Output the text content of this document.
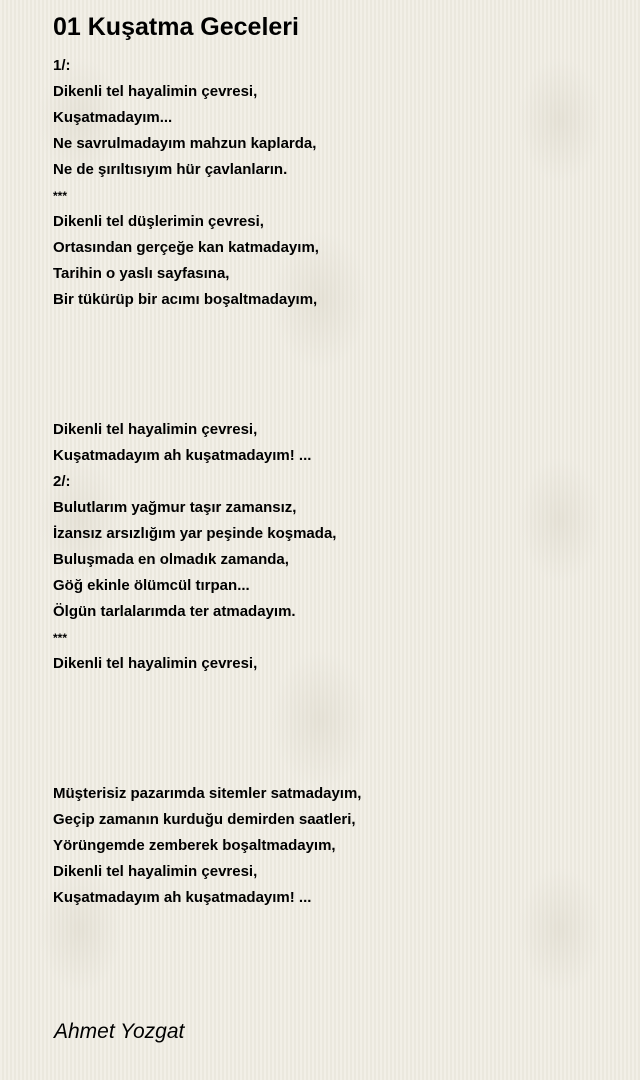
01 Kuşatma Geceleri
1/:
Dikenli tel hayalimin çevresi,
Kuşatmadayım...
Ne savrulmadayım mahzun kaplarda,
Ne de şırıltısıyım hür çavlanların.
***
Dikenli tel düşlerimin çevresi,
Ortasından gerçeğe kan katmadayım,
Tarihin o yaslı sayfasına,
Bir tükürüp bir acımı boşaltmadayım,
Dikenli tel hayalimin çevresi,
Kuşatmadayım ah kuşatmadayım! ...
2/:
Bulutlarım yağmur taşır zamansız,
İzansız arsızlığım yar peşinde koşmada,
Buluşmada en olmadık zamanda,
Göğ ekinle ölümcül tırpan...
Ölgün tarlalarımda ter atmadayım.
***
Dikenli tel hayalimin çevresi,
Müşterisiz pazarımda sitemler satmadayım,
Geçip zamanın kurduğu demirden saatleri,
Yörüngemde zemberek boşaltmadayım,
Dikenli tel hayalimin çevresi,
Kuşatmadayım ah kuşatmadayım! ...
Ahmet Yozgat
